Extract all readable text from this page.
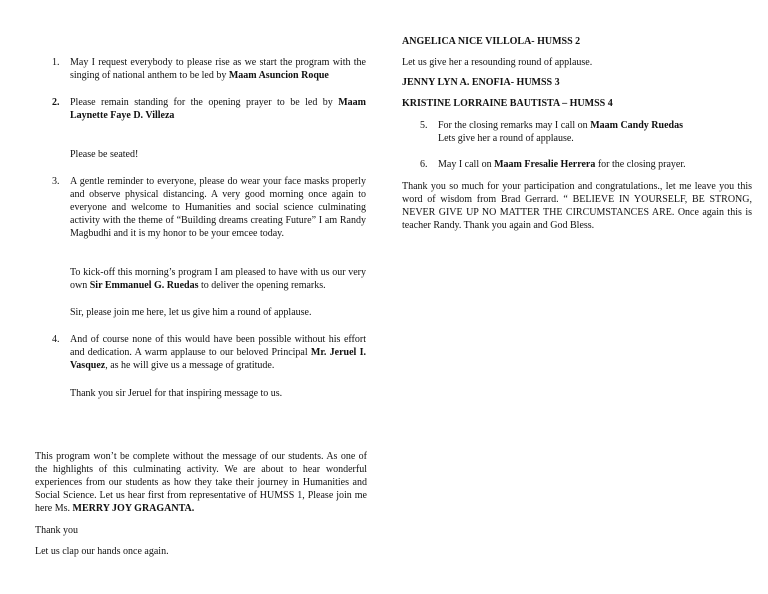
1.	May I request everybody to please rise as we start the program with the singing of national anthem to be led by Maam Asuncion Roque
2.	Please remain standing for the opening prayer to be led by Maam Laynette Faye D. Villeza
Please be seated!
3.	A gentle reminder to everyone, please do wear your face masks properly and observe physical distancing. A very good morning once again to everyone and welcome to Humanities and social science culminating activity with the theme of “Building dreams creating Future” I am Randy Magbudhi and it is my honor to be your emcee today.
To kick-off this morning’s program I am pleased to have with us our very own Sir Emmanuel G. Ruedas to deliver the opening remarks.
Sir, please join me here, let us give him a round of applause.
4.	And of course none of this would have been possible without his effort and dedication. A warm applause to our beloved Principal Mr. Jeruel I. Vasquez, as he will give us a message of gratitude.
Thank you sir Jeruel for that inspiring message to us.
This program won’t be complete without the message of our students. As one of the highlights of this culminating activity. We are about to hear wonderful experiences from our students as how they take their journey in Humanities and Social Science. Let us hear first from representative of HUMSS 1, Please join me here Ms. MERRY JOY GRAGANTA.
Thank you
Let us clap our hands once again.
ANGELICA NICE VILLOLA- HUMSS 2
Let us give her a resounding round of applause.
JENNY LYN A. ENOFIA- HUMSS 3
KRISTINE LORRAINE BAUTISTA – HUMSS 4
5.	For the closing remarks may I call on Maam Candy Ruedas
Lets give her a round of applause.
6.	May I call on Maam Fresalie Herrera for the closing prayer.
Thank you so much for your participation and congratulations., let me leave you this word of wisdom from Brad Gerrard. “ BELIEVE IN YOURSELF, BE STRONG, NEVER GIVE UP NO MATTER THE CIRCUMSTANCES ARE. Once again this is teacher Randy. Thank you again and God Bless.
